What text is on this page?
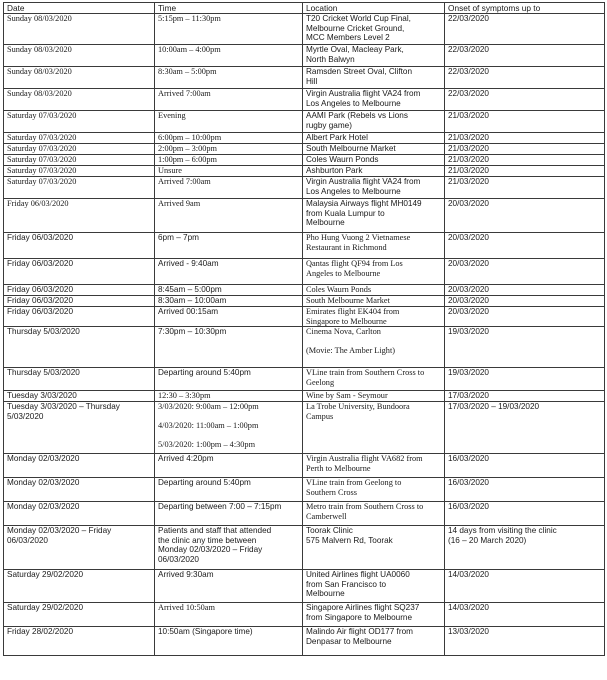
Date	Time	Location	Onset of symptoms up to

Sunday 08/03/2020	5:15pm – 11:30pm	T20 Cricket World Cup Final,
Melbourne Cricket Ground,
MCC Members Level 2	22/03/2020

Sunday 08/03/2020	10:00am – 4:00pm	Myrtle Oval, Macleay Park,
North Balwyn	22/03/2020

Sunday 08/03/2020	8:30am – 5:00pm	Ramsden Street Oval, Clifton
Hill	22/03/2020

Sunday 08/03/2020	Arrived 7:00am	Virgin Australia flight VA24 from
Los Angeles to Melbourne	22/03/2020

Saturday 07/03/2020	Evening	AAMI Park (Rebels vs Lions
rugby game)	21/03/2020

Saturday 07/03/2020	6:00pm – 10:00pm	Albert Park Hotel	21/03/2020

Saturday 07/03/2020	2:00pm – 3:00pm	South Melbourne Market	21/03/2020

Saturday 07/03/2020	1:00pm – 6:00pm	Coles Waurn Ponds	21/03/2020

Saturday 07/03/2020	Unsure	Ashburton Park	21/03/2020

Saturday 07/03/2020	Arrived 7:00am	Virgin Australia flight VA24 from
Los Angeles to Melbourne	21/03/2020

Friday 06/03/2020	Arrived 9am	Malaysia Airways flight MH0149
from Kuala Lumpur to
Melbourne	20/03/2020

Friday 06/03/2020	6pm – 7pm	Pho Hung Vuong 2 Vietnamese
Restaurant in Richmond	20/03/2020

Friday 06/03/2020	Arrived - 9:40am	Qantas flight QF94 from Los
Angeles to Melbourne	20/03/2020

Friday 06/03/2020	8:45am – 5:00pm	Coles Waurn Ponds	20/03/2020

Friday 06/03/2020	8:30am – 10:00am	South Melbourne Market	20/03/2020

Friday 06/03/2020	Arrived 00:15am	Emirates flight EK404 from
Singapore to Melbourne	20/03/2020

Thursday 5/03/2020	7:30pm – 10:30pm	Cinema Nova, Carlton
(Movie: The Amber Light)	19/03/2020

Thursday 5/03/2020	Departing around 5:40pm	VLine train from Southern Cross to
Geelong	19/03/2020

Tuesday 3/03/2020	12:30 – 3:30pm	Wine by Sam - Seymour	17/03/2020

Tuesday 3/03/2020 – Thursday
5/03/2020	3/03/2020: 9:00am – 12:00pm
4/03/2020: 11:00am – 1:00pm
5/03/2020: 1:00pm – 4:30pm	La Trobe University, Bundoora
Campus	17/03/2020 – 19/03/2020

Monday 02/03/2020	Arrived 4:20pm	Virgin Australia flight VA682 from
Perth to Melbourne	16/03/2020

Monday 02/03/2020	Departing around 5:40pm	VLine train from Geelong to
Southern Cross	16/03/2020

Monday 02/03/2020	Departing between 7:00 – 7:15pm	Metro train from Southern Cross to
Camberwell	16/03/2020

Monday 02/03/2020 – Friday
06/03/2020	Patients and staff that attended
the clinic any time between
Monday 02/03/2020 – Friday
06/03/2020	Toorak Clinic
575 Malvern Rd, Toorak	14 days from visiting the clinic
(16 – 20 March 2020)

Saturday 29/02/2020	Arrived 9:30am	United Airlines flight UA0060
from San Francisco to
Melbourne	14/03/2020

Saturday 29/02/2020	Arrived 10:50am	Singapore Airlines flight SQ237
from Singapore to Melbourne	14/03/2020

Friday 28/02/2020	10:50am (Singapore time)	Malindo Air flight OD177 from
Denpasar to Melbourne	13/03/2020
